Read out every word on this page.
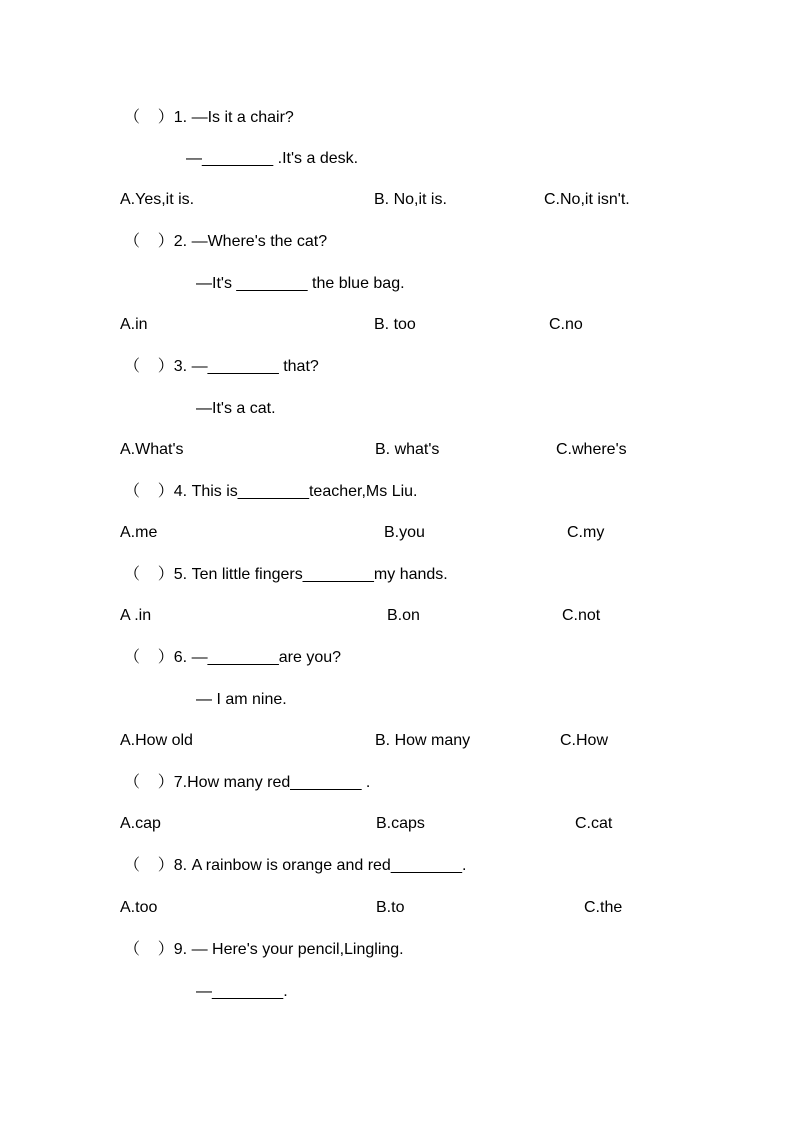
（    ）1. —Is it a chair?
—________ .It's a desk.
A.Yes,it is.	B. No,it is.	C.No,it isn't.
（    ）2. —Where's the cat?
—It's ________ the blue bag.
A.in	B. too	C.no
（    ）3. —________ that?
—It's a cat.
A.What's	B. what's	C.where's
（    ）4. This is________teacher,Ms Liu.
A.me	B.you	C.my
（    ）5. Ten little fingers________my hands.
A .in	B.on	C.not
（    ）6. —________are you?
— I am nine.
A.How old	B. How many	C.How
（    ）7.How many red________ .
A.cap	B.caps	C.cat
（    ）8. A rainbow is orange and red________.
A.too	B.to	C.the
（    ）9. — Here's your pencil,Lingling.
—________.
